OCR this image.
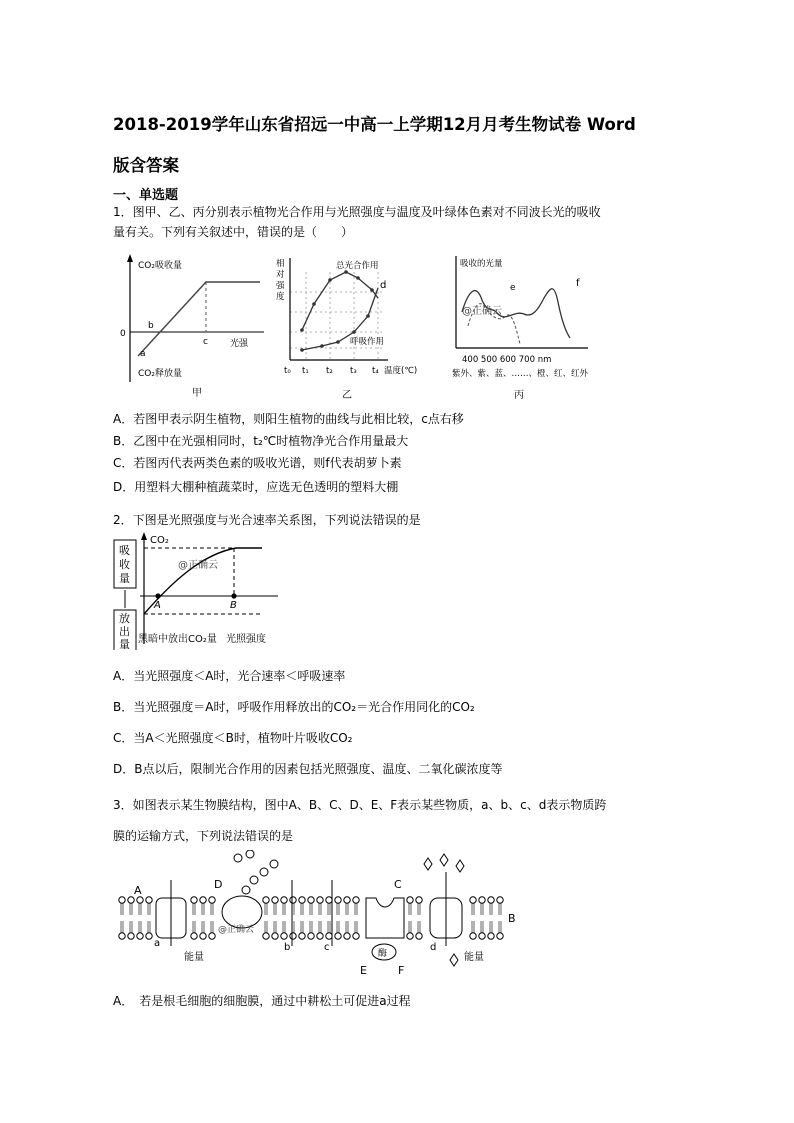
2018-2019学年山东省招远一中高一上学期12月月考生物试卷 Word
版含答案
一、单选题
1．图甲、乙、丙分别表示植物光合作用与光照强度与温度及叶绿体色素对不同波长光的吸收
量有关。下列有关叙述中，错误的是（　　）
CO₂吸收量
CO₂释放量
0
a
b
c 光强
甲
相
对
强
度
总光合作用
呼吸作用
d
t₀ t₁ t₂ t₃ t₄ 温度(℃)
乙
吸收的光量
e	f
@正确云
400 500 600 700 nm
紫外、紫、蓝、……、橙、红、红外
丙
A．若图甲表示阴生植物，则阳生植物的曲线与此相比较，c点右移
B．乙图中在光强相同时，t₂℃时植物净光合作用量最大
C．若图丙代表两类色素的吸收光谱，则f代表胡萝卜素
D．用塑料大棚种植蔬菜时，应选无色透明的塑料大棚
2．下图是光照强度与光合速率关系图，下列说法错误的是
吸
收
量
放
出
量
CO₂
A	B
@正确云
黑暗中放出CO₂量 光照强度
A．当光照强度＜A时，光合速率＜呼吸速率
B．当光照强度＝A时，呼吸作用释放出的CO₂＝光合作用同化的CO₂
C．当A＜光照强度＜B时，植物叶片吸收CO₂
D．B点以后，限制光合作用的因素包括光照强度、温度、二氧化碳浓度等
3．如图表示某生物膜结构，图中A、B、C、D、E、F表示某些物质，a、b、c、d表示物质跨
膜的运输方式，下列说法错误的是
A
a
能量
D
@正确云
b	c
酶
C
E	F
d
能量
B
A．　若是根毛细胞的细胞膜，通过中耕松土可促进a过程
